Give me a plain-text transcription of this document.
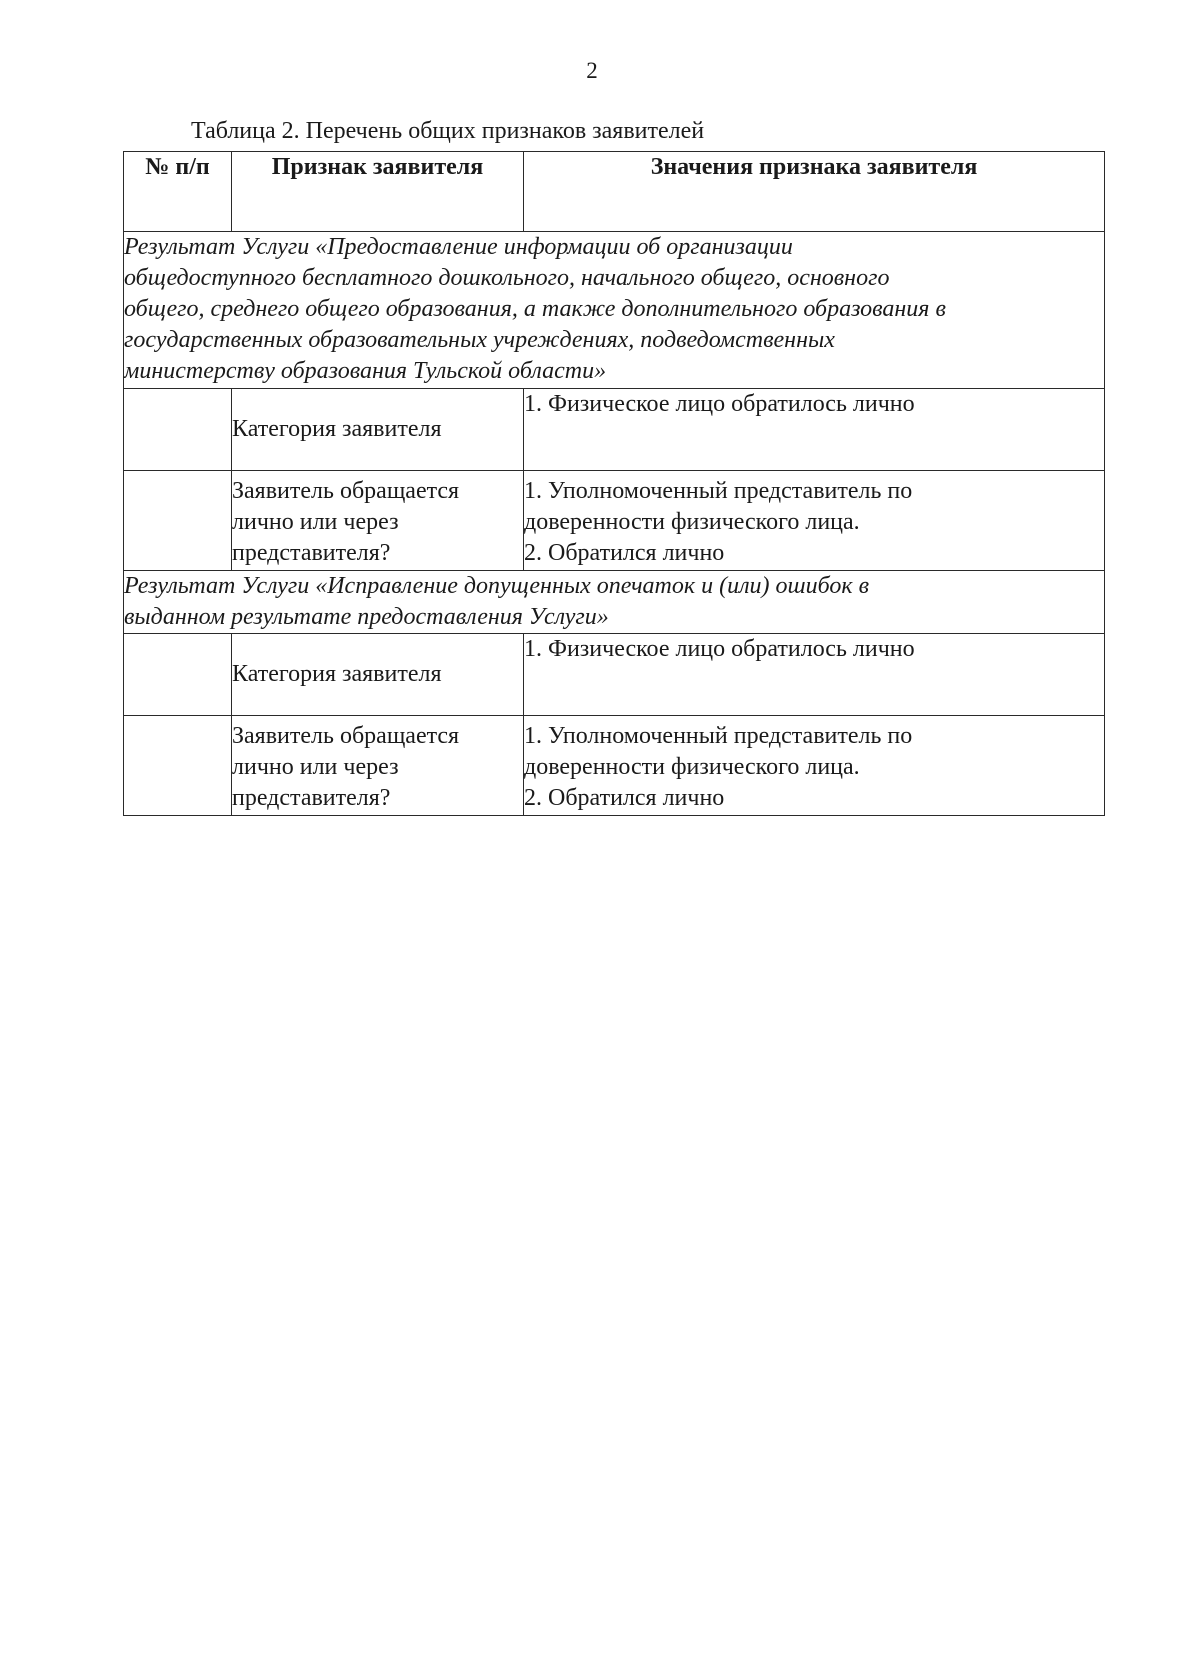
2
Таблица 2. Перечень общих признаков заявителей
№ п/п	Признак заявителя	Значения признака заявителя

Результат Услуги «Предоставление информации об организации
общедоступного бесплатного дошкольного, начального общего, основного
общего, среднего общего образования, а также дополнительного образования в
государственных образовательных учреждениях, подведомственных
министерству образования Тульской области»		

	Категория заявителя	1. Физическое лицо обратилось лично

	Заявитель обращается
лично или через
представителя?	1. Уполномоченный представитель по
доверенности физического лица.
2. Обратился лично

Результат Услуги «Исправление допущенных опечаток и (или) ошибок в
выданном результате предоставления Услуги»		

	Категория заявителя	1. Физическое лицо обратилось лично

	Заявитель обращается
лично или через
представителя?	1. Уполномоченный представитель по
доверенности физического лица.
2. Обратился лично
